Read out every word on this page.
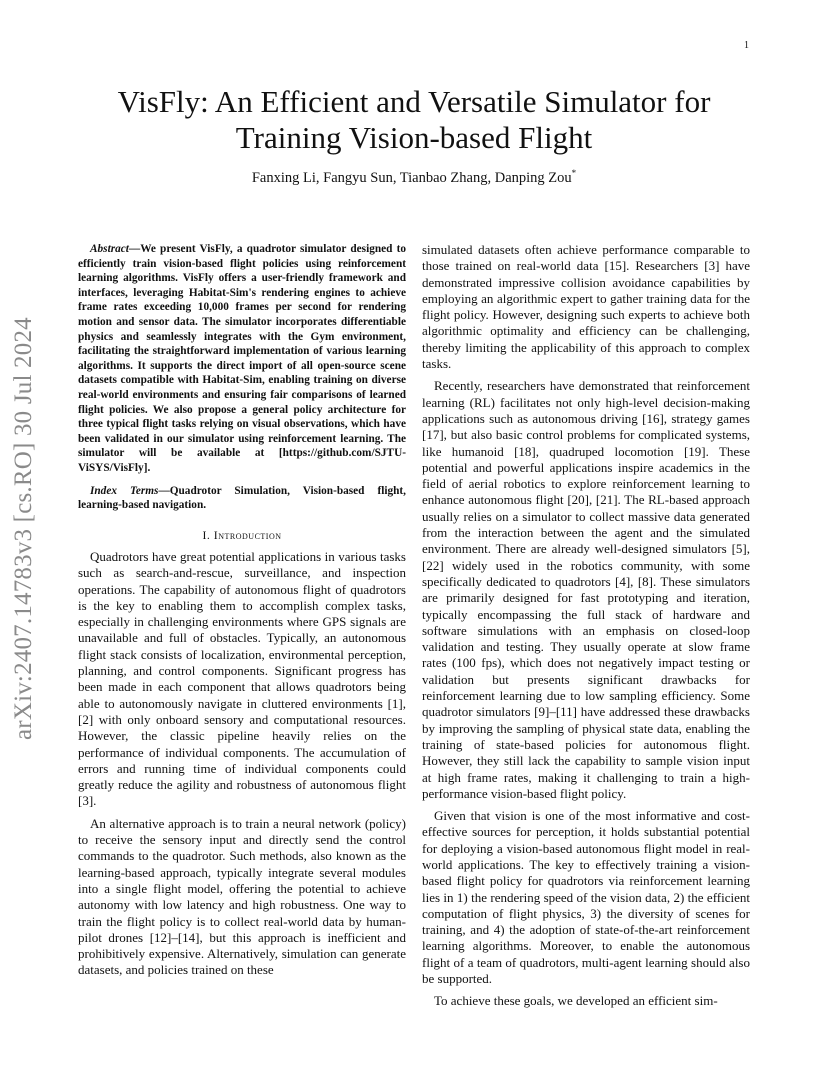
1
arXiv:2407.14783v3 [cs.RO] 30 Jul 2024
VisFly: An Efficient and Versatile Simulator for
Training Vision-based Flight
Fanxing Li, Fangyu Sun, Tianbao Zhang, Danping Zou*

Abstract—We present VisFly, a quadrotor simulator designed to efficiently train vision-based flight policies using reinforcement learning algorithms. VisFly offers a user-friendly framework and interfaces, leveraging Habitat-Sim's rendering engines to achieve frame rates exceeding 10,000 frames per second for rendering motion and sensor data. The simulator incorporates differentiable physics and seamlessly integrates with the Gym environment, facilitating the straightforward implementation of various learning algorithms. It supports the direct import of all open-source scene datasets compatible with Habitat-Sim, enabling training on diverse real-world environments and ensuring fair comparisons of learned flight policies. We also propose a general policy architecture for three typical flight tasks relying on visual observations, which have been validated in our simulator using reinforcement learning. The simulator will be available at [https://github.com/SJTU-ViSYS/VisFly].

Index Terms—Quadrotor Simulation, Vision-based flight, learning-based navigation.

I. Introduction

Quadrotors have great potential applications in various tasks such as search-and-rescue, surveillance, and inspection operations. The capability of autonomous flight of quadrotors is the key to enabling them to accomplish complex tasks, especially in challenging environments where GPS signals are unavailable and full of obstacles. Typically, an autonomous flight stack consists of localization, environmental perception, planning, and control components. Significant progress has been made in each component that allows quadrotors being able to autonomously navigate in cluttered environments [1], [2] with only onboard sensory and computational resources. However, the classic pipeline heavily relies on the performance of individual components. The accumulation of errors and running time of individual components could greatly reduce the agility and robustness of autonomous flight [3].

An alternative approach is to train a neural network (policy) to receive the sensory input and directly send the control commands to the quadrotor. Such methods, also known as the learning-based approach, typically integrate several modules into a single flight model, offering the potential to achieve autonomy with low latency and high robustness. One way to train the flight policy is to collect real-world data by human-pilot drones [12]–[14], but this approach is inefficient and prohibitively expensive. Alternatively, simulation can generate datasets, and policies trained on these

simulated datasets often achieve performance comparable to those trained on real-world data [15]. Researchers [3] have demonstrated impressive collision avoidance capabilities by employing an algorithmic expert to gather training data for the flight policy. However, designing such experts to achieve both algorithmic optimality and efficiency can be challenging, thereby limiting the applicability of this approach to complex tasks.

Recently, researchers have demonstrated that reinforcement learning (RL) facilitates not only high-level decision-making applications such as autonomous driving [16], strategy games [17], but also basic control problems for complicated systems, like humanoid [18], quadruped locomotion [19]. These potential and powerful applications inspire academics in the field of aerial robotics to explore reinforcement learning to enhance autonomous flight [20], [21]. The RL-based approach usually relies on a simulator to collect massive data generated from the interaction between the agent and the simulated environment. There are already well-designed simulators [5], [22] widely used in the robotics community, with some specifically dedicated to quadrotors [4], [8]. These simulators are primarily designed for fast prototyping and iteration, typically encompassing the full stack of hardware and software simulations with an emphasis on closed-loop validation and testing. They usually operate at slow frame rates (100 fps), which does not negatively impact testing or validation but presents significant drawbacks for reinforcement learning due to low sampling efficiency. Some quadrotor simulators [9]–[11] have addressed these drawbacks by improving the sampling of physical state data, enabling the training of state-based policies for autonomous flight. However, they still lack the capability to sample vision input at high frame rates, making it challenging to train a high-performance vision-based flight policy.

Given that vision is one of the most informative and cost-effective sources for perception, it holds substantial potential for deploying a vision-based autonomous flight model in real-world applications. The key to effectively training a vision-based flight policy for quadrotors via reinforcement learning lies in 1) the rendering speed of the vision data, 2) the efficient computation of flight physics, 3) the diversity of scenes for training, and 4) the adoption of state-of-the-art reinforcement learning algorithms. Moreover, to enable the autonomous flight of a team of quadrotors, multi-agent learning should also be supported.

To achieve these goals, we developed an efficient sim-
